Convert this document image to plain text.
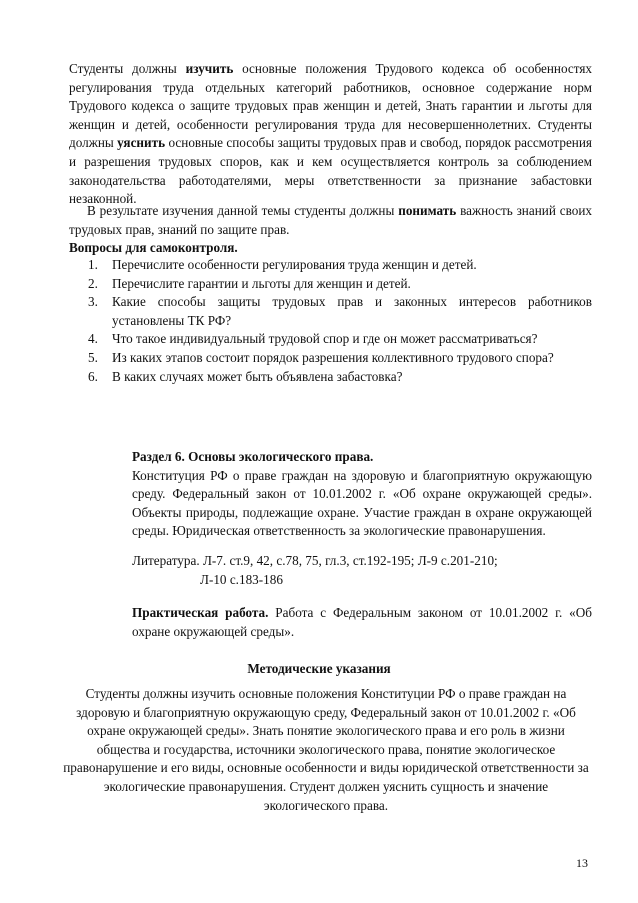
Студенты должны изучить основные положения Трудового кодекса об особенностях регулирования труда отдельных категорий работников, основное содержание норм Трудового кодекса о защите трудовых прав женщин и детей, Знать гарантии и льготы для женщин и детей, особенности регулирования труда для несовершеннолетних. Студенты должны уяснить основные способы защиты трудовых прав и свобод, порядок рассмотрения и разрешения трудовых споров, как и кем осуществляется контроль за соблюдением законодательства работодателями, меры ответственности за признание забастовки незаконной.

В результате изучения данной темы студенты должны понимать важность знаний своих трудовых прав, знаний по защите прав.

Вопросы для самоконтроля.

1.	Перечислите особенности регулирования труда женщин и детей.
2.	Перечислите гарантии и льготы для женщин и детей.
3.	Какие способы защиты трудовых прав и законных интересов работников установлены ТК РФ?
4.	Что такое индивидуальный трудовой спор и где он может рассматриваться?
5.	Из каких этапов состоит порядок разрешения коллективного трудового спора?
6.	В каких случаях может быть объявлена забастовка?

Раздел 6. Основы экологического права.

Конституция РФ о праве граждан на здоровую и благоприятную окружающую среду. Федеральный закон от 10.01.2002 г. «Об охране окружающей среды». Объекты природы, подлежащие охране. Участие граждан в охране окружающей среды. Юридическая ответственность за экологические правонарушения.

Литература. Л-7. ст.9, 42, с.78, 75, гл.3, ст.192-195; Л-9 с.201-210;
Л-10 с.183-186

Практическая работа. Работа с Федеральным законом от 10.01.2002 г. «Об охране окружающей среды».

Методические указания

Студенты должны изучить основные положения Конституции РФ о праве граждан на здоровую и благоприятную окружающую среду, Федеральный закон от 10.01.2002 г. «Об охране окружающей среды». Знать понятие экологического права и его роль в жизни общества и государства, источники экологического права, понятие экологическое правонарушение и его виды, основные особенности и виды юридической ответственности за экологические правонарушения. Студент должен уяснить сущность и значение экологического права.

13
